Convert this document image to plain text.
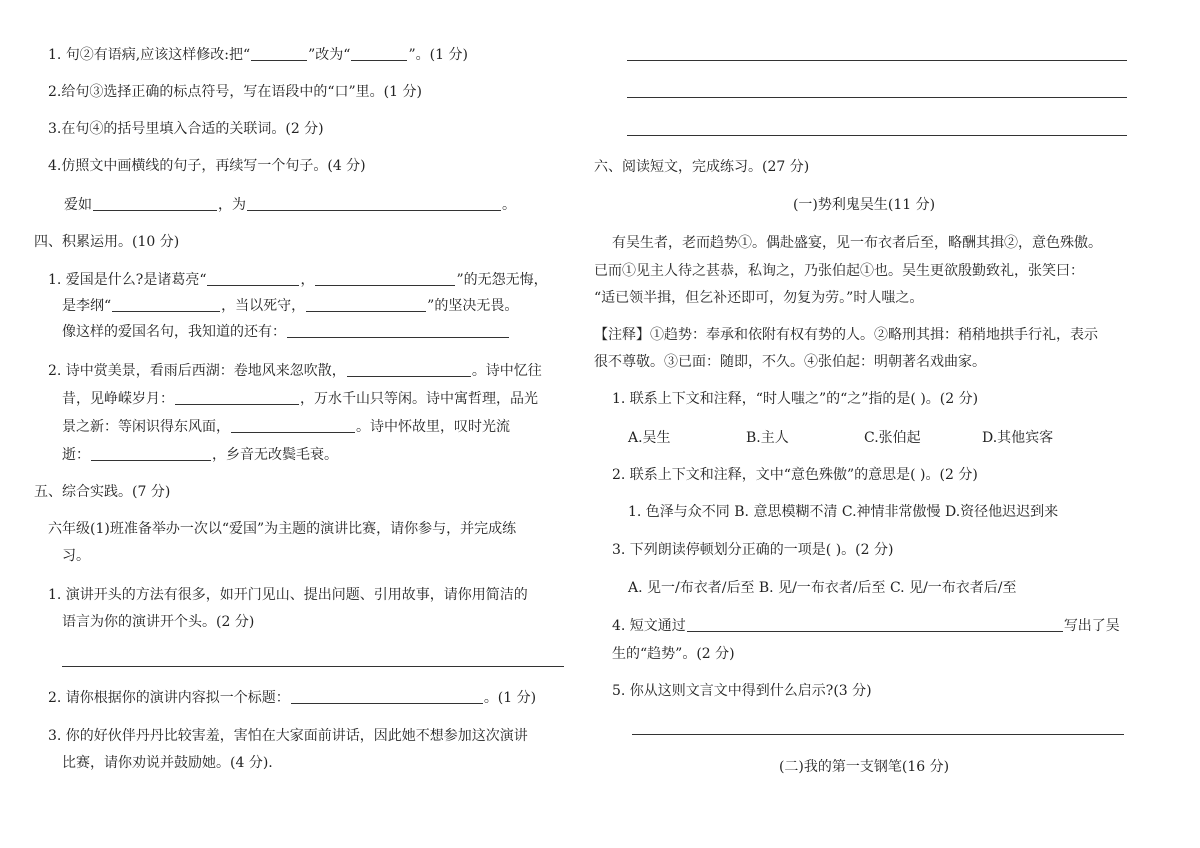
1. 句②有语病,应该这样修改:把“	”改为“	”。(1 分)
2.给句③选择正确的标点符号，写在语段中的“口”里。(1 分)
3.在句④的括号里填入合适的关联词。(2 分)
4.仿照文中画横线的句子，再续写一个句子。(4 分)
爱如	，为	。
四、积累运用。(10 分)
1. 爱国是什么?是诸葛亮“	，	”的无怨无悔，
是李纲“	，当以死守，	”的坚决无畏。
像这样的爱国名句，我知道的还有：
2. 诗中赏美景，看雨后西湖：卷地风来忽吹散，	。诗中忆往
昔，见峥嵘岁月：	，万水千山只等闲。诗中寓哲理，品光
景之新：等闲识得东风面，	。诗中怀故里，叹时光流
逝：	，乡音无改鬓毛衰。
五、综合实践。(7 分)
六年级(1)班准备举办一次以“爱国”为主题的演讲比赛，请你参与，并完成练
习。
1. 演讲开头的方法有很多，如开门见山、提出问题、引用故事，请你用简洁的
语言为你的演讲开个头。(2 分)
2. 请你根据你的演讲内容拟一个标题：	。(1 分)
3. 你的好伙伴丹丹比较害羞，害怕在大家面前讲话，因此她不想参加这次演讲
比赛，请你劝说并鼓励她。(4 分).
六、阅读短文，完成练习。(27 分)
(一)势利鬼吴生(11 分)
有吴生者，老而趋势①。偶赴盛宴，见一布衣者后至，略酬其揖②，意色殊傲。
已而①见主人待之甚恭，私询之，乃张伯起①也。吴生更欲殷勤致礼，张笑曰：
“适已领半揖，但乞补还即可，勿复为劳。”时人嗤之。
【注释】①趋势：奉承和依附有权有势的人。②略刑其揖：稍稍地拱手行礼，表示
很不尊敬。③已面：随即，不久。④张伯起：明朝著名戏曲家。
1. 联系上下文和注释，“时人嗤之”的“之”指的是( )。(2 分)
A.吴生	B.主人	C.张伯起	D.其他宾客
2. 联系上下文和注释，文中“意色殊傲”的意思是( )。(2 分)
1. 色泽与众不同 B. 意思模糊不清 C.神情非常傲慢 D.资径他迟迟到来
3. 下列朗读停顿划分正确的一项是( )。(2 分)
A. 见一/布衣者/后至 B. 见/一布衣者/后至 C. 见/一布衣者后/至
4. 短文通过	写出了吴
生的“趋势”。(2 分)
5. 你从这则文言文中得到什么启示?(3 分)
(二)我的第一支钢笔(16 分)
